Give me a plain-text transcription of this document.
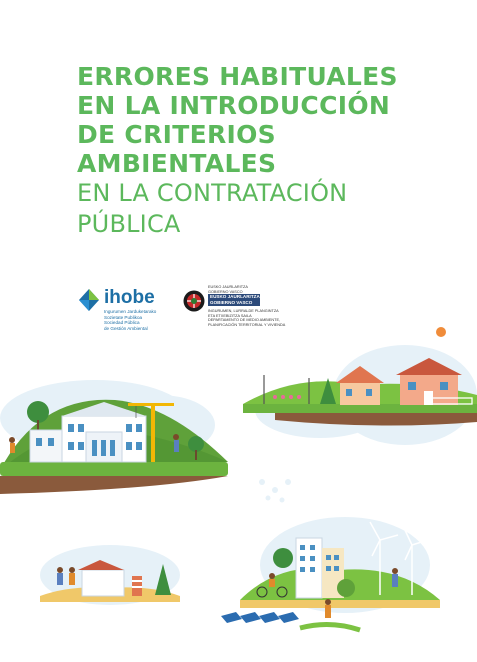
ERRORES HABITUALES
EN LA INTRODUCCIÓN
DE CRITERIOS
AMBIENTALES
EN LA CONTRATACIÓN
PÚBLICA
ihobe
Ingurumen Jarduketarako
Sozietate Publikoa
Sociedad Pública
de Gestión Ambiental
EUSKO JAURLARITZA
GOBIERNO VASCO
EUSKO JAURLARITZA
GOBIERNO VASCO
INGURUMEN, LURRALDE PLANGINTZA
ETA ETXEBIZITZA SAILA
DEPARTAMENTO DE MEDIO AMBIENTE,
PLANIFICACIÓN TERRITORIAL Y VIVIENDA
